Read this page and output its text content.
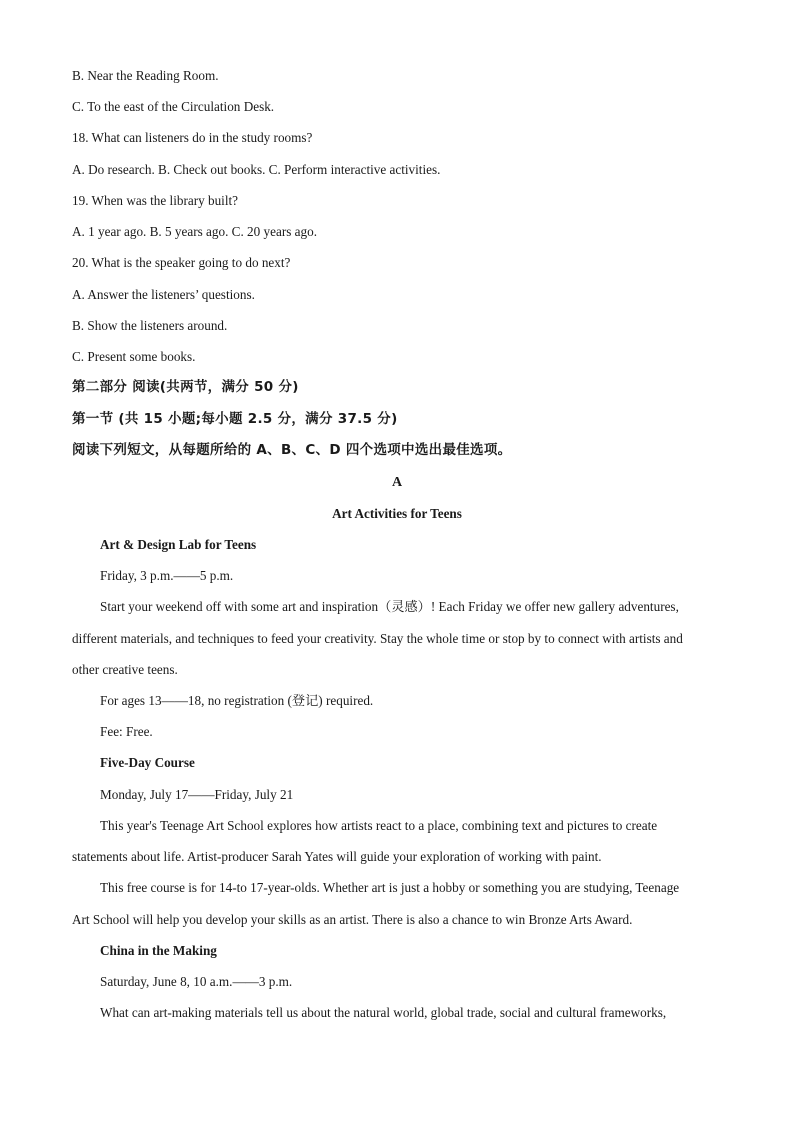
B. Near the Reading Room.
C. To the east of the Circulation Desk.
18. What can listeners do in the study rooms?
A. Do research. B. Check out books. C. Perform interactive activities.
19. When was the library built?
A. 1 year ago. B. 5 years ago. C. 20 years ago.
20. What is the speaker going to do next?
A. Answer the listeners’ questions.
B. Show the listeners around.
C. Present some books.
第二部分 阅读(共两节，满分 50 分)
第一节 (共 15 小题;每小题 2.5 分，满分 37.5 分)
阅读下列短文，从每题所给的 A、B、C、D 四个选项中选出最佳选项。
A
Art Activities for Teens
Art & Design Lab for Teens
Friday, 3 p.m.——5 p.m.
Start your weekend off with some art and inspiration（灵感）! Each Friday we offer new gallery adventures,
different materials, and techniques to feed your creativity. Stay the whole time or stop by to connect with artists and
other creative teens.
For ages 13——18, no registration (登记) required.
Fee: Free.
Five-Day Course
Monday, July 17——Friday, July 21
This year's Teenage Art School explores how artists react to a place, combining text and pictures to create
statements about life. Artist-producer Sarah Yates will guide your exploration of working with paint.
This free course is for 14-to 17-year-olds. Whether art is just a hobby or something you are studying, Teenage
Art School will help you develop your skills as an artist. There is also a chance to win Bronze Arts Award.
China in the Making
Saturday, June 8, 10 a.m.——3 p.m.
What can art-making materials tell us about the natural world, global trade, social and cultural frameworks,
